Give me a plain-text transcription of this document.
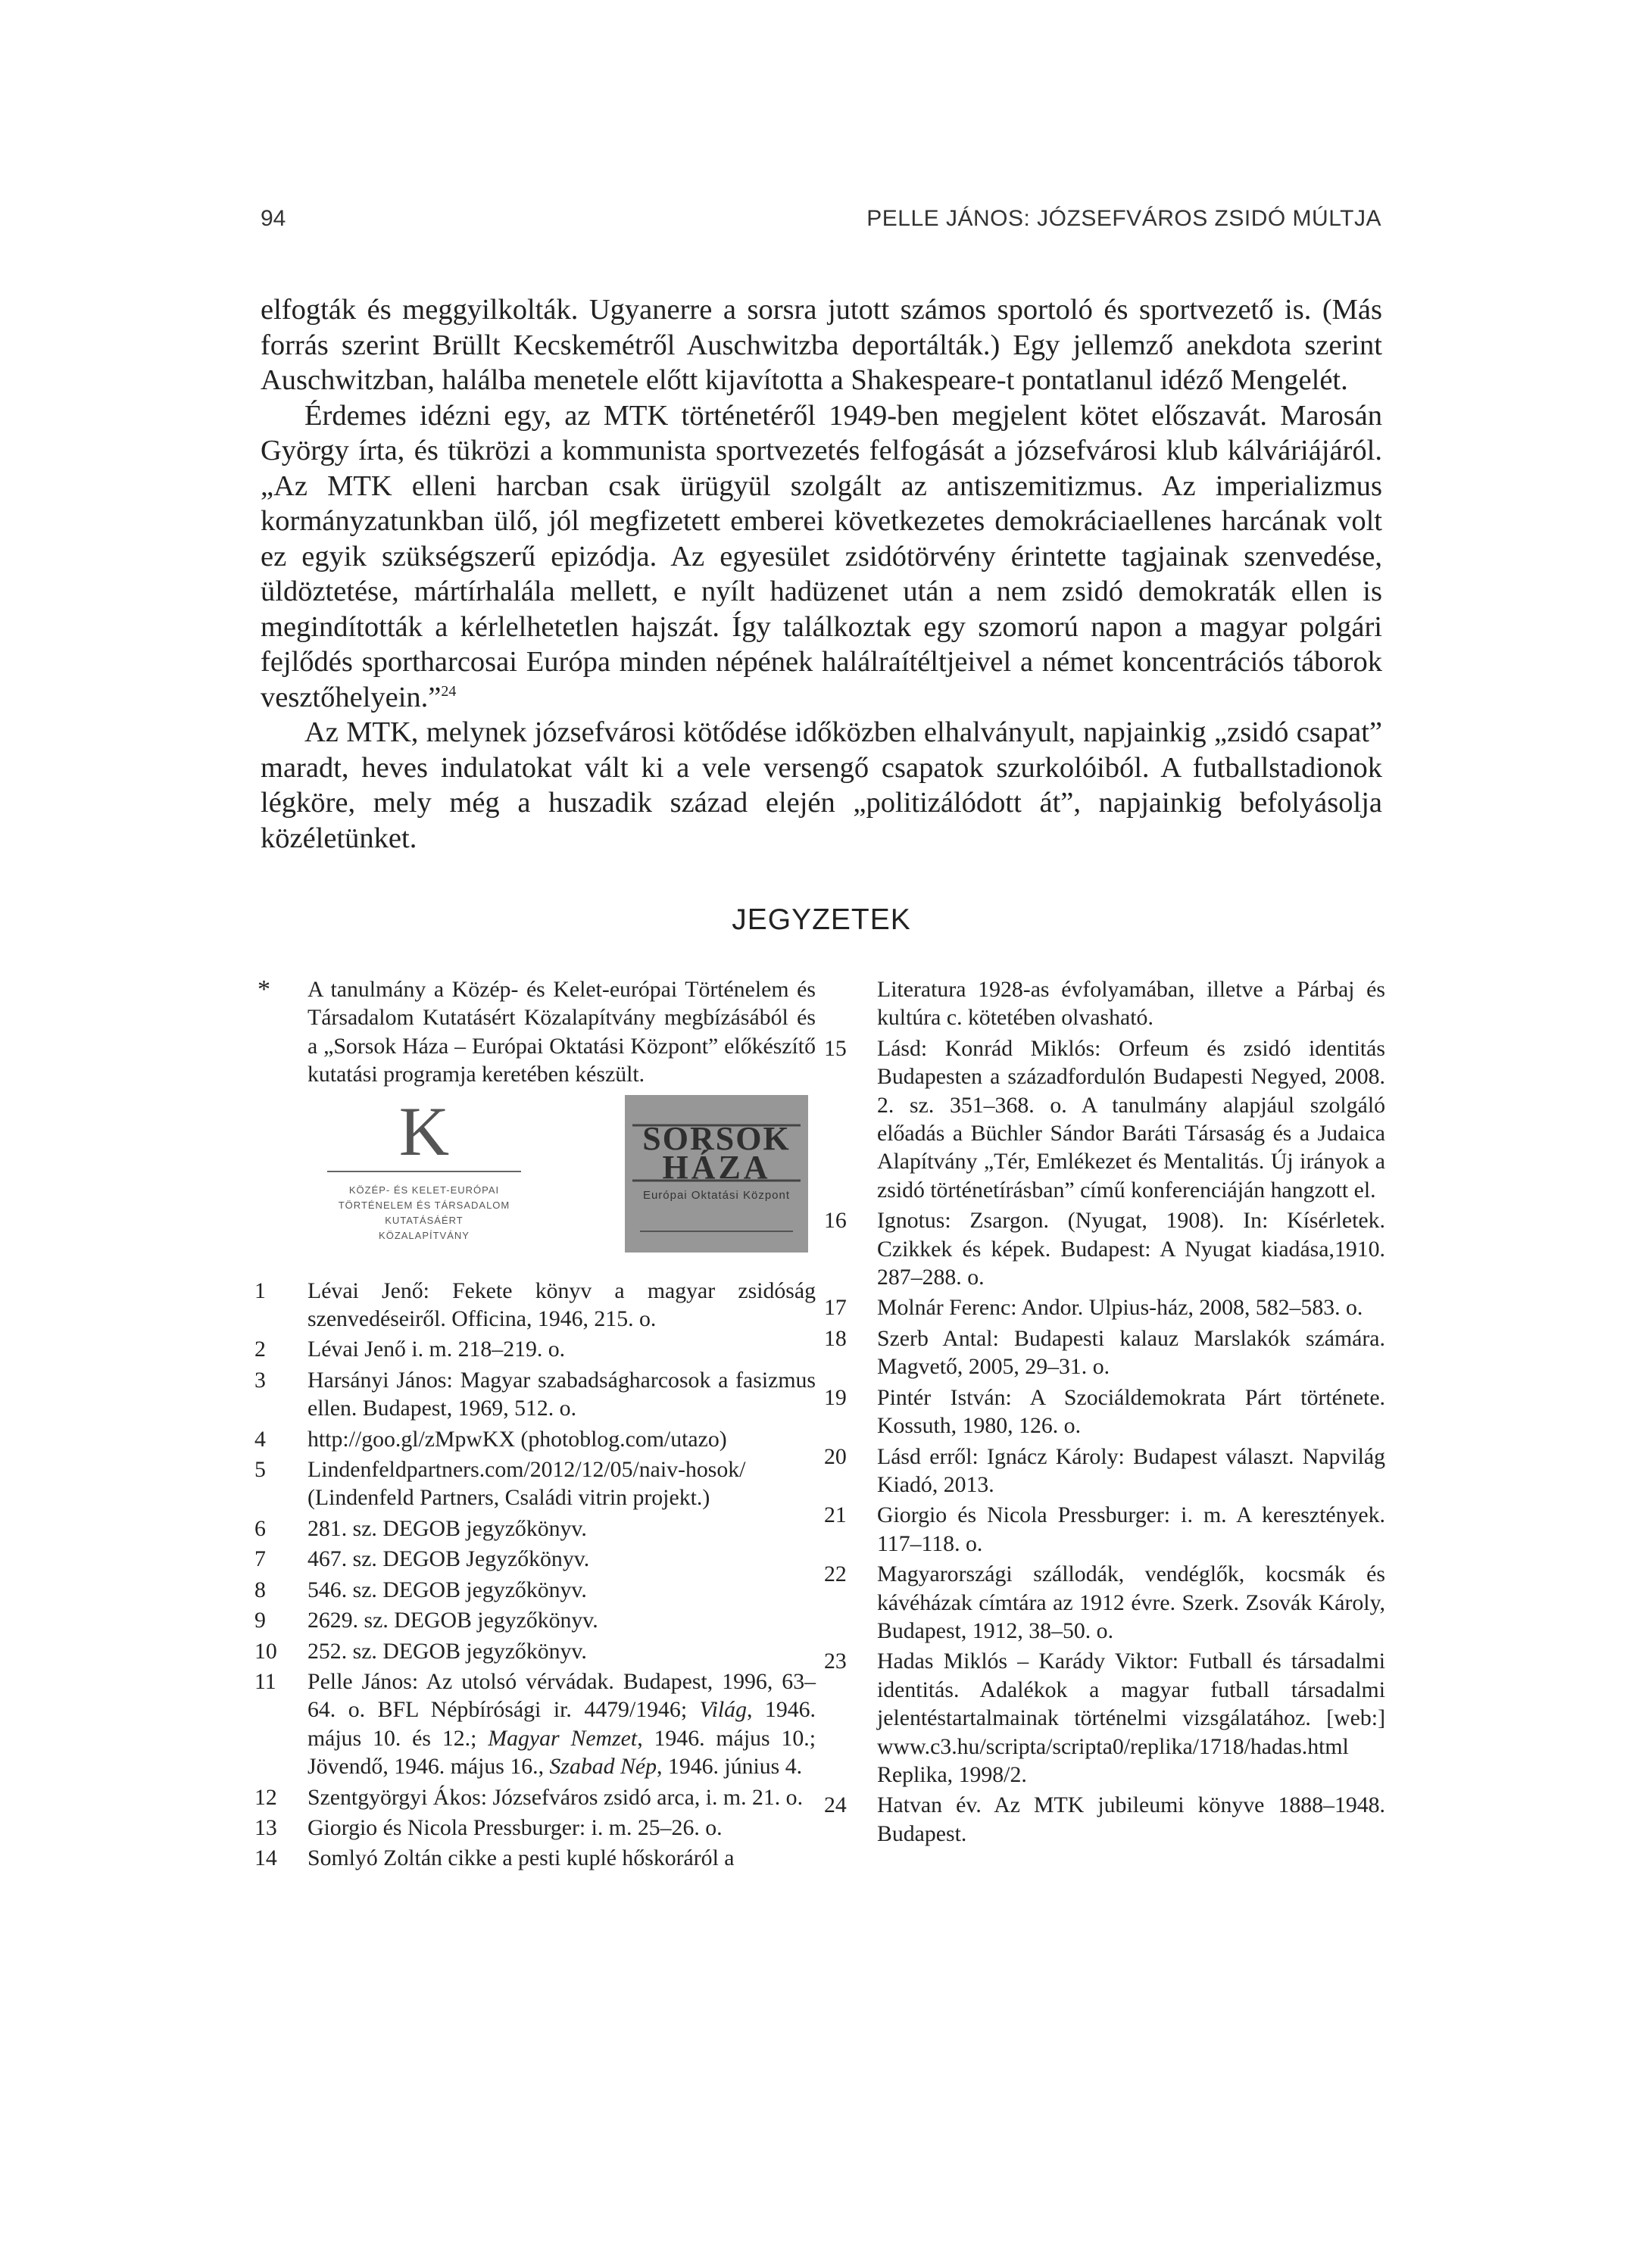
94	PELLE JÁNOS: JÓZSEFVÁROS ZSIDÓ MÚLTJA

elfogták és meggyilkolták. Ugyanerre a sorsra jutott számos sportoló és sportvezető is. (Más forrás szerint Brüllt Kecskemétről Auschwitzba deportálták.) Egy jellemző anekdota szerint Auschwitzban, halálba menetele előtt kijavította a Shakespeare-t pontatlanul idéző Mengelét.

Érdemes idézni egy, az MTK történetéről 1949-ben megjelent kötet előszavát. Marosán György írta, és tükrözi a kommunista sportvezetés felfogását a józsefvárosi klub kálváriájáról. „Az MTK elleni harcban csak ürügyül szolgált az antiszemitizmus. Az imperializmus kormányzatunkban ülő, jól megfizetett emberei következetes demokráciaellenes harcának volt ez egyik szükségszerű epizódja. Az egyesület zsidótörvény érintette tagjainak szenvedése, üldöztetése, mártírhalála mellett, e nyílt hadüzenet után a nem zsidó demokraták ellen is megindították a kérlelhetetlen hajszát. Így találkoztak egy szomorú napon a magyar polgári fejlődés sportharcosai Európa minden népének halálraítéltjeivel a német koncentrációs táborok vesztőhelyein.”$^{24}$

Az MTK, melynek józsefvárosi kötődése időközben elhalványult, napjainkig „zsidó csapat” maradt, heves indulatokat vált ki a vele versengő csapatok szurkolóiból. A futballstadionok légköre, mely még a huszadik század elején „politizálódott át”, napjainkig befolyásolja közéletünket.

JEGYZETEK
* A tanulmány a Közép- és Kelet-európai Történelem és Társadalom Kutatásért Közalapítvány megbízásából és a „Sorsok Háza – Európai Oktatási Központ” előkészítő kutatási programja keretében készült.
K
KÖZÉP- ÉS KELET-EURÓPAI
TÖRTÉNELEM ÉS TÁRSADALOM KUTATÁSÁÉRT
KÖZALAPÍTVÁNY
SORSOK
HÁZA
Európai Oktatási Központ
1 Lévai Jenő: Fekete könyv a magyar zsidóság szenvedéseiről. Officina, 1946, 215. o.
2 Lévai Jenő i. m. 218–219. o.
3 Harsányi János: Magyar szabadságharcosok a fasizmus ellen. Budapest, 1969, 512. o.
4 http://goo.gl/zMpwKX (photoblog.com/utazo)
5 Lindenfeldpartners.com/2012/12/05/naiv-hosok/ (Lindenfeld Partners, Családi vitrin projekt.)
6 281. sz. DEGOB jegyzőkönyv.
7 467. sz. DEGOB Jegyzőkönyv.
8 546. sz. DEGOB jegyzőkönyv.
9 2629. sz. DEGOB jegyzőkönyv.
10 252. sz. DEGOB jegyzőkönyv.
11 Pelle János: Az utolsó vérvádak. Budapest, 1996, 63–64. o. BFL Népbírósági ir. 4479/1946; Világ, 1946. május 10. és 12.; Magyar Nemzet, 1946. május 10.; Jövendő, 1946. május 16., Szabad Nép, 1946. június 4.
12 Szentgyörgyi Ákos: Józsefváros zsidó arca, i. m. 21. o.
13 Giorgio és Nicola Pressburger: i. m. 25–26. o.
14 Somlyó Zoltán cikke a pesti kuplé hőskoráról a
Literatura 1928-as évfolyamában, illetve a Párbaj és kultúra c. kötetében olvasható.
15 Lásd: Konrád Miklós: Orfeum és zsidó identitás Budapesten a századfordulón Budapesti Negyed, 2008. 2. sz. 351–368. o. A tanulmány alapjául szolgáló előadás a Büchler Sándor Baráti Társaság és a Judaica Alapítvány „Tér, Emlékezet és Mentalitás. Új irányok a zsidó történetírásban” című konferenciáján hangzott el.
16 Ignotus: Zsargon. (Nyugat, 1908). In: Kísérletek. Czikkek és képek. Budapest: A Nyugat kiadása,1910. 287–288. o.
17 Molnár Ferenc: Andor. Ulpius-ház, 2008, 582–583. o.
18 Szerb Antal: Budapesti kalauz Marslakók számára. Magvető, 2005, 29–31. o.
19 Pintér István: A Szociáldemokrata Párt története. Kossuth, 1980, 126. o.
20 Lásd erről: Ignácz Károly: Budapest választ. Napvilág Kiadó, 2013.
21 Giorgio és Nicola Pressburger: i. m. A keresztények. 117–118. o.
22 Magyarországi szállodák, vendéglők, kocsmák és kávéházak címtára az 1912 évre. Szerk. Zsovák Károly, Budapest, 1912, 38–50. o.
23 Hadas Miklós – Karády Viktor: Futball és társadalmi identitás. Adalékok a magyar futball társadalmi jelentéstartalmainak történelmi vizsgálatához. [web:] www.c3.hu/scripta/scripta0/replika/1718/hadas.html Replika, 1998/2.
24 Hatvan év. Az MTK jubileumi könyve 1888–1948. Budapest.
